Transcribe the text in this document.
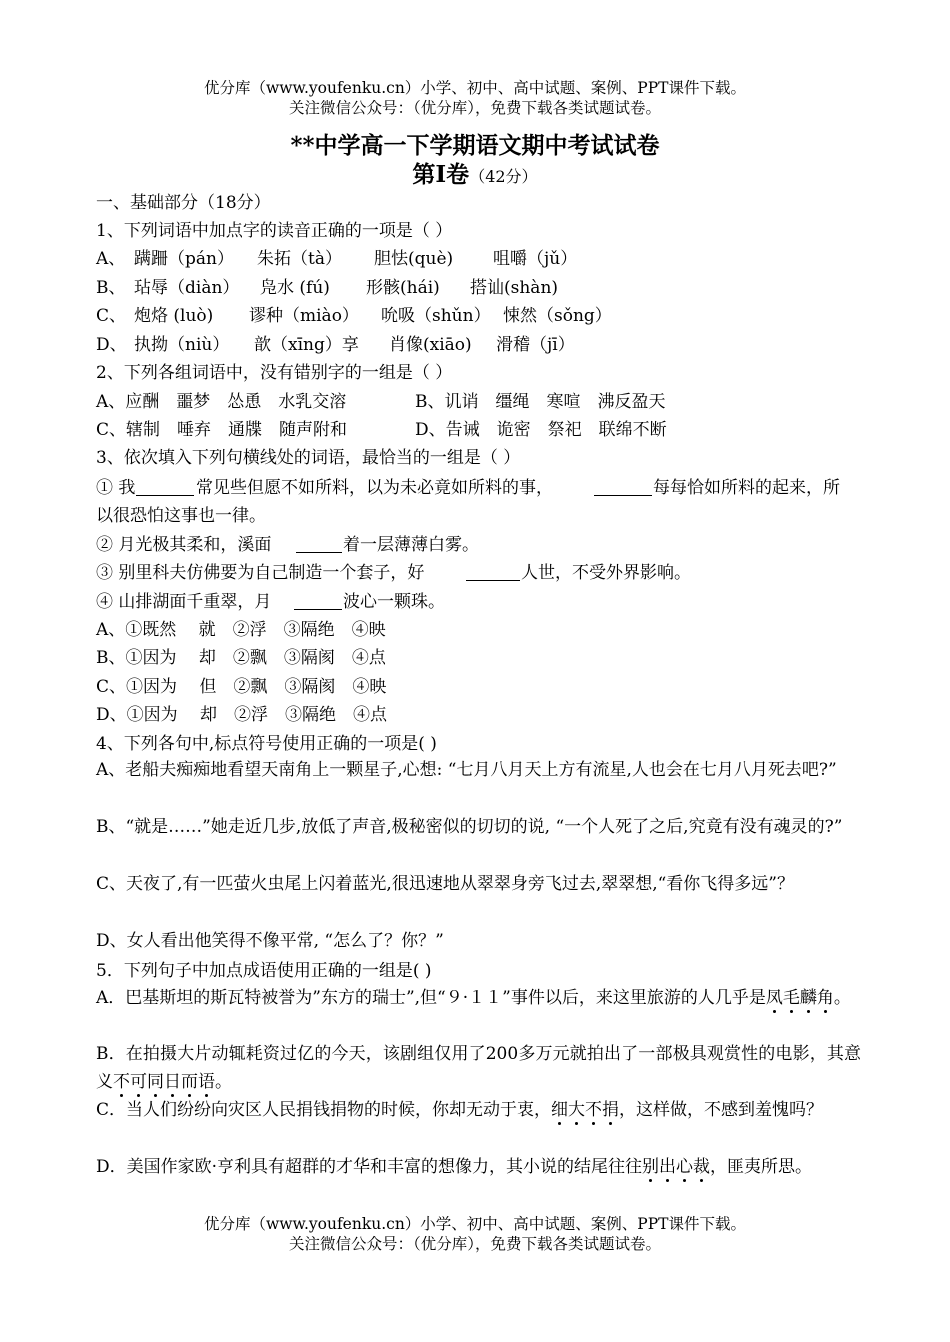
优分库（www.youfenku.cn）小学、初中、高中试题、案例、PPT课件下载。
关注微信公众号：（优分库），免费下载各类试题试卷。
**中学高一下学期语文期中考试试卷
第Ⅰ卷（42分）
一、基础部分（18分）
1、下列词语中加点字的读音正确的一项是（ ）
A、 蹒跚（pán） 朱拓（tà） 胆怯(què) 咀嚼（jǔ）
B、 玷辱（diàn） 凫水 (fú) 形骸(hái) 搭讪(shàn)
C、 炮烙 (luò) 谬种（miào） 吮吸（shǔn） 悚然（sǒng）
D、 执拗（niù） 歆（xīng）享 肖像(xiāo) 滑稽（jī）
2、下列各组词语中，没有错别字的一组是（ ）
A、应酬　噩梦　怂恿　水乳交溶	B、讥诮　缰绳　寒喧　沸反盈天
C、辖制　唾弃　通牒　随声附和	D、告诫　诡密　祭祀　联绵不断
3、依次填入下列句横线处的词语，最恰当的一组是（ ）
① 我	常见些但愿不如所料，以为未必竟如所料的事，	每每恰如所料的起来，所
以很恐怕这事也一律。
② 月光极其柔和，溪面	着一层薄薄白雾。
③ 别里科夫仿佛要为自己制造一个套子，好	人世，不受外界影响。
④ 山排湖面千重翠，月	波心一颗珠。
A、①既然　 就　②浮　③隔绝　④映
B、①因为　 却　②飘　③隔阂　④点
C、①因为　 但　②飘　③隔阂　④映
D、①因为　 却　②浮　③隔绝　④点
4、下列各句中,标点符号使用正确的一项是( )
A、老船夫痴痴地看望天南角上一颗星子,心想: “七月八月天上方有流星,人也会在七月八月死去吧?”
B、“就是……”她走近几步,放低了声音,极秘密似的切切的说, “一个人死了之后,究竟有没有魂灵的?”
C、天夜了,有一匹萤火虫尾上闪着蓝光,很迅速地从翠翠身旁飞过去,翠翠想,“看你飞得多远”？
D、女人看出他笑得不像平常, “怎么了？你？”
5．下列句子中加点成语使用正确的一组是( )
A．巴基斯坦的斯瓦特被誉为”东方的瑞士”,但“９·１１”事件以后，来这里旅游的人几乎是凤毛麟角。
B．在拍摄大片动辄耗资过亿的今天，该剧组仅用了200多万元就拍出了一部极具观赏性的电影，其意义不可同日而语。
C．当人们纷纷向灾区人民捐钱捐物的时候，你却无动于衷，细大不捐，这样做，不感到羞愧吗？
D．美国作家欧·亨利具有超群的才华和丰富的想像力，其小说的结尾往往别出心裁，匪夷所思。
优分库（www.youfenku.cn）小学、初中、高中试题、案例、PPT课件下载。
关注微信公众号：（优分库），免费下载各类试题试卷。
